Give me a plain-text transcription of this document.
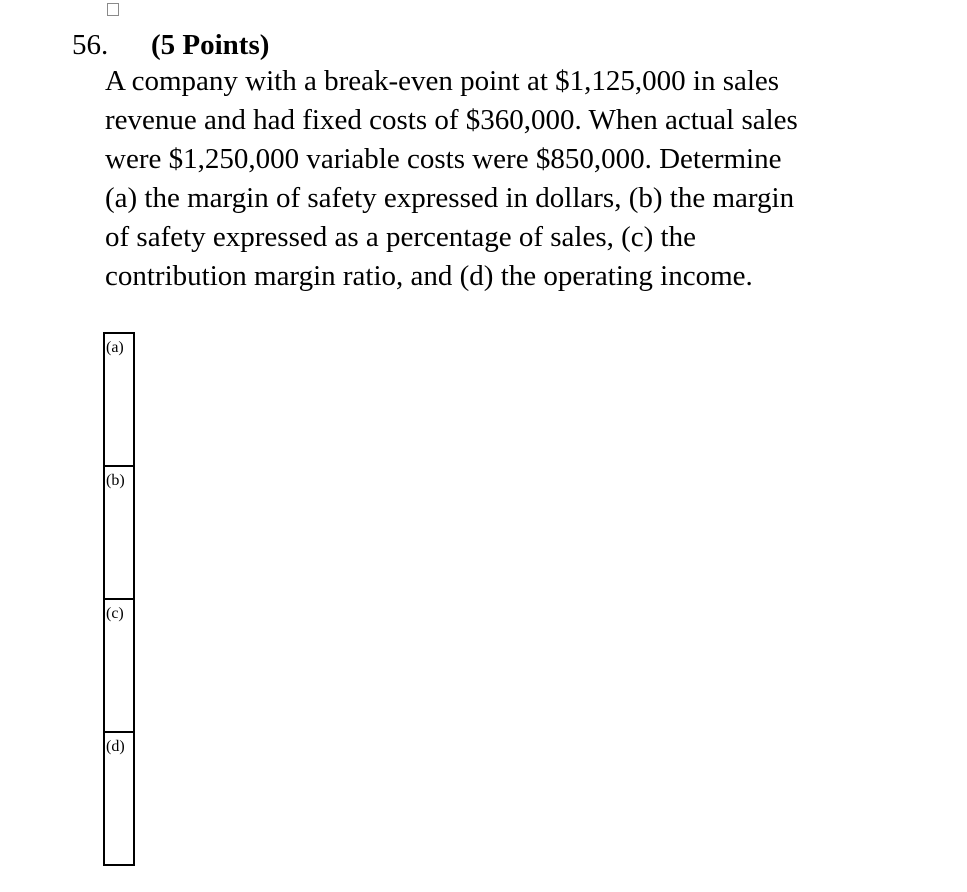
56. (5 Points)
A company with a break-even point at $1,125,000 in sales
revenue and had fixed costs of $360,000. When actual sales
were $1,250,000 variable costs were $850,000. Determine
(a) the margin of safety expressed in dollars, (b) the margin
of safety expressed as a percentage of sales, (c) the
contribution margin ratio, and (d) the operating income.
(a)
(b)
(c)
(d)
